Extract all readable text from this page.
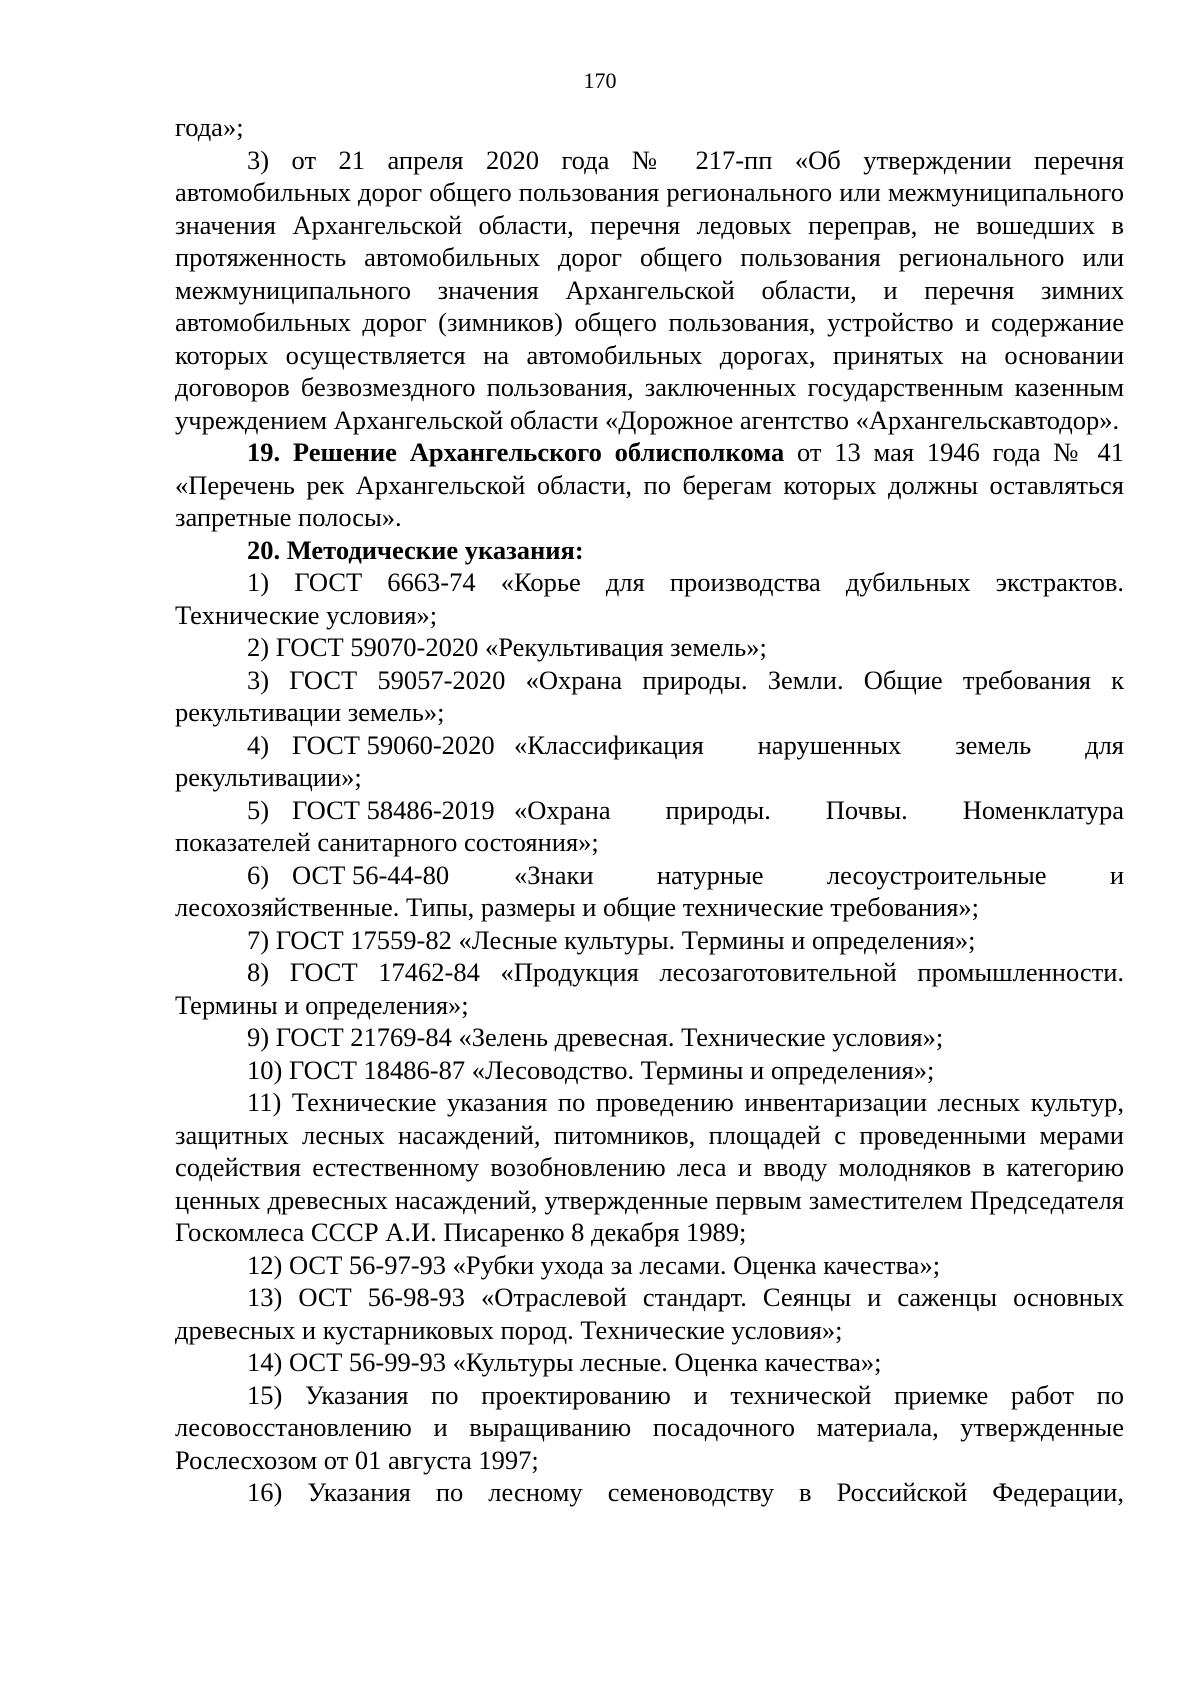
170

года»;

3) от 21 апреля 2020 года № 217-пп «Об утверждении перечня автомобильных дорог общего пользования регионального или межмуниципального значения Архангельской области, перечня ледовых переправ, не вошедших в протяженность автомобильных дорог общего пользования регионального или межмуниципального значения Архангельской области, и перечня зимних автомобильных дорог (зимников) общего пользования, устройство и содержание которых осуществляется на автомобильных дорогах, принятых на основании договоров безвозмездного пользования, заключенных государственным казенным учреждением Архангельской области «Дорожное агентство «Архангельскавтодор».

19. Решение Архангельского облисполкома от 13 мая 1946 года № 41 «Перечень рек Архангельской области, по берегам которых должны оставляться запретные полосы».

20. Методические указания:

1) ГОСТ 6663-74 «Корье для производства дубильных экстрактов. Технические условия»;

2) ГОСТ 59070-2020 «Рекультивация земель»;

3) ГОСТ 59057-2020 «Охрана природы. Земли. Общие требования к рекультивации земель»;

4) ГОСТ 59060-2020 «Классификация нарушенных земель для

рекультивации»;

5) ГОСТ 58486-2019 «Охрана природы. Почвы. Номенклатура

показателей санитарного состояния»;

6) ОСТ 56-44-80	«Знаки натурные лесоустроительные и

лесохозяйственные. Типы, размеры и общие технические требования»;

7) ГОСТ 17559-82 «Лесные культуры. Термины и определения»;

8) ГОСТ 17462-84 «Продукция лесозаготовительной промышленности. Термины и определения»;

9) ГОСТ 21769-84 «Зелень древесная. Технические условия»;

10) ГОСТ 18486-87 «Лесоводство. Термины и определения»;

11) Технические указания по проведению инвентаризации лесных культур, защитных лесных насаждений, питомников, площадей с проведенными мерами содействия естественному возобновлению леса и вводу молодняков в категорию ценных древесных насаждений, утвержденные первым заместителем Председателя Госкомлеса СССР А.И. Писаренко 8 декабря 1989;

12) ОСТ 56-97-93 «Рубки ухода за лесами. Оценка качества»;

13) ОСТ 56-98-93 «Отраслевой стандарт. Сеянцы и саженцы основных древесных и кустарниковых пород. Технические условия»;

14) ОСТ 56-99-93 «Культуры лесные. Оценка качества»;

15) Указания по проектированию и технической приемке работ по лесовосстановлению и выращиванию посадочного материала, утвержденные Рослесхозом от 01 августа 1997;

16) Указания по лесному семеноводству в Российской Федерации,
